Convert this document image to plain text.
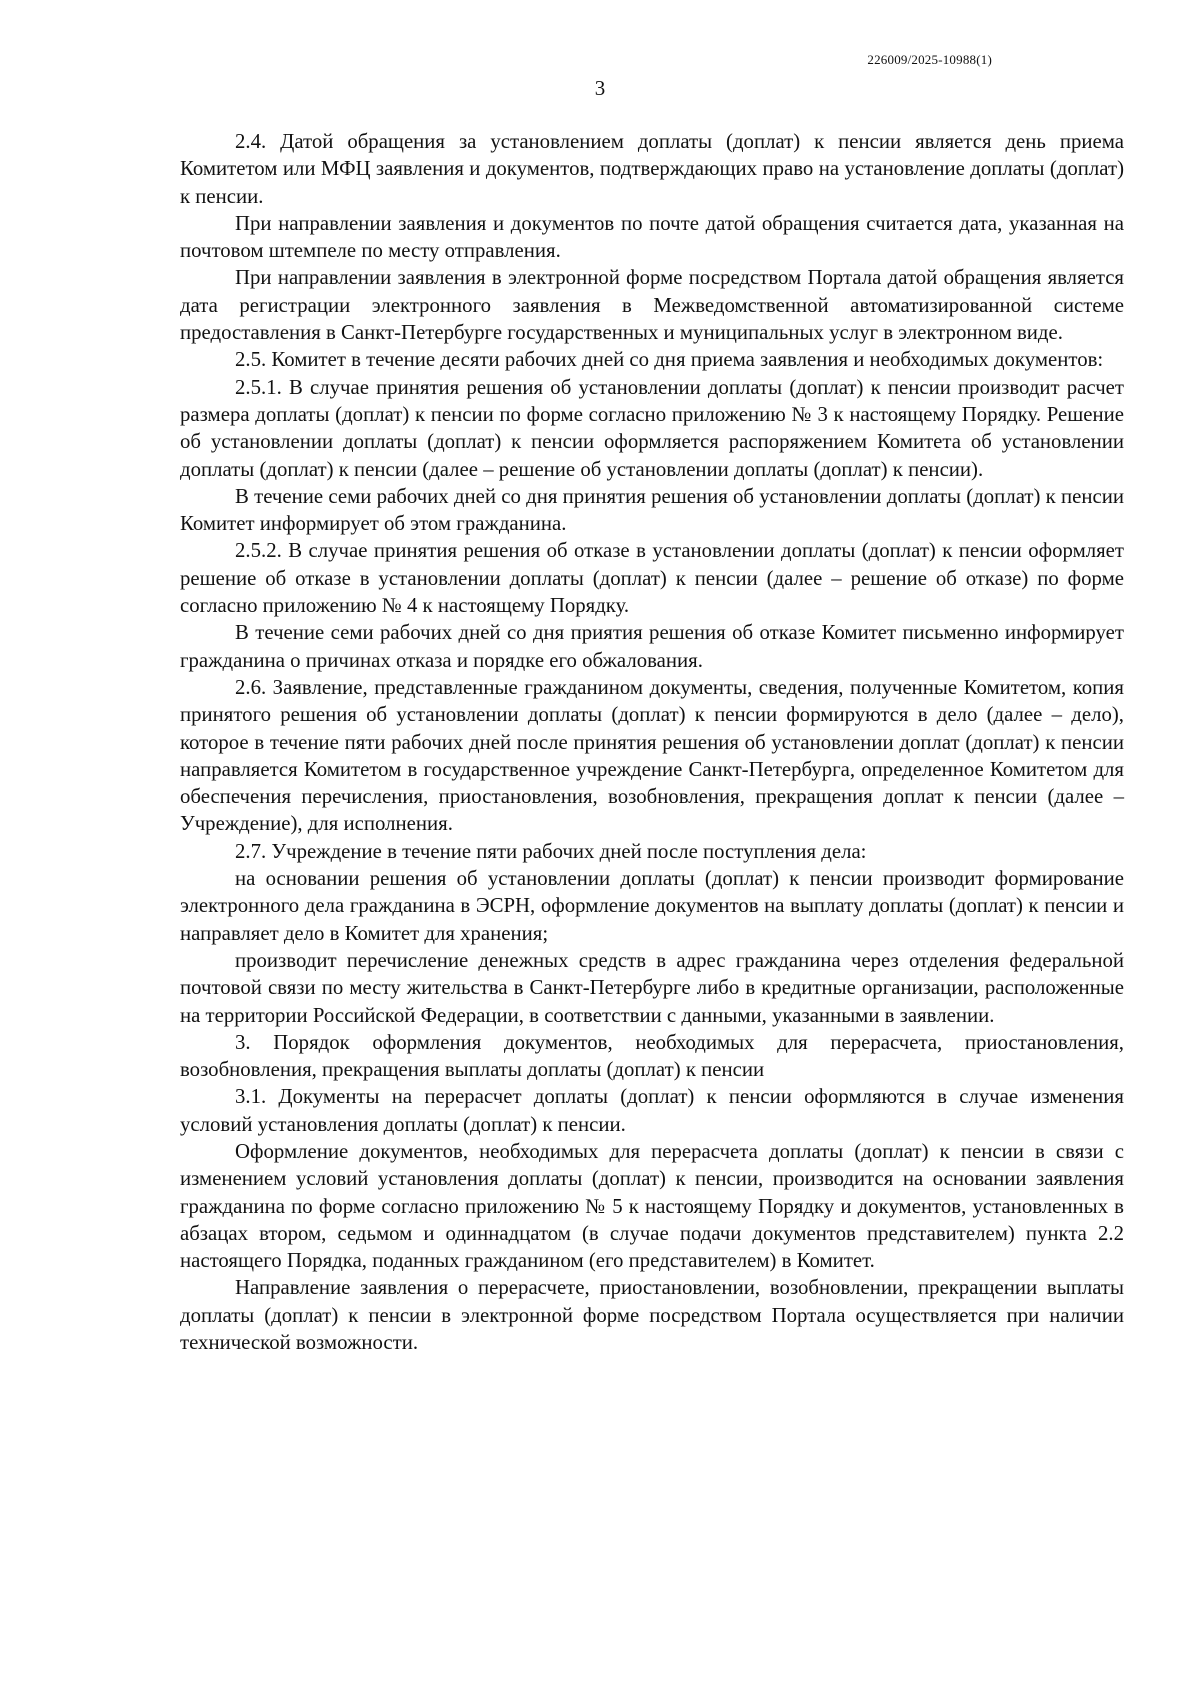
226009/2025-10988(1)
3

2.4. Датой обращения за установлением доплаты (доплат) к пенсии является день приема Комитетом или МФЦ заявления и документов, подтверждающих право на установление доплаты (доплат) к пенсии.

При направлении заявления и документов по почте датой обращения считается дата, указанная на почтовом штемпеле по месту отправления.

При направлении заявления в электронной форме посредством Портала датой обращения является дата регистрации электронного заявления в Межведомственной автоматизированной системе предоставления в Санкт-Петербурге государственных и муниципальных услуг в электронном виде.

2.5. Комитет в течение десяти рабочих дней со дня приема заявления и необходимых документов:

2.5.1. В случае принятия решения об установлении доплаты (доплат) к пенсии производит расчет размера доплаты (доплат) к пенсии по форме согласно приложению № 3 к настоящему Порядку. Решение об установлении доплаты (доплат) к пенсии оформляется распоряжением Комитета об установлении доплаты (доплат) к пенсии (далее – решение об установлении доплаты (доплат) к пенсии).

В течение семи рабочих дней со дня принятия решения об установлении доплаты (доплат) к пенсии Комитет информирует об этом гражданина.

2.5.2. В случае принятия решения об отказе в установлении доплаты (доплат) к пенсии оформляет решение об отказе в установлении доплаты (доплат) к пенсии (далее – решение об отказе) по форме согласно приложению № 4 к настоящему Порядку.

В течение семи рабочих дней со дня приятия решения об отказе Комитет письменно информирует гражданина о причинах отказа и порядке его обжалования.

2.6. Заявление, представленные гражданином документы, сведения, полученные Комитетом, копия принятого решения об установлении доплаты (доплат) к пенсии формируются в дело (далее – дело), которое в течение пяти рабочих дней после принятия решения об установлении доплат (доплат) к пенсии направляется Комитетом в государственное учреждение Санкт-Петербурга, определенное Комитетом для обеспечения перечисления, приостановления, возобновления, прекращения доплат к пенсии (далее – Учреждение), для исполнения.

2.7. Учреждение в течение пяти рабочих дней после поступления дела:

на основании решения об установлении доплаты (доплат) к пенсии производит формирование электронного дела гражданина в ЭСРН, оформление документов на выплату доплаты (доплат) к пенсии и направляет дело в Комитет для хранения;

производит перечисление денежных средств в адрес гражданина через отделения федеральной почтовой связи по месту жительства в Санкт-Петербурге либо в кредитные организации, расположенные на территории Российской Федерации, в соответствии с данными, указанными в заявлении.

3. Порядок оформления документов, необходимых для перерасчета, приостановления, возобновления, прекращения выплаты доплаты (доплат) к пенсии

3.1. Документы на перерасчет доплаты (доплат) к пенсии оформляются в случае изменения условий установления доплаты (доплат) к пенсии.

Оформление документов, необходимых для перерасчета доплаты (доплат) к пенсии в связи с изменением условий установления доплаты (доплат) к пенсии, производится на основании заявления гражданина по форме согласно приложению № 5 к настоящему Порядку и документов, установленных в абзацах втором, седьмом и одиннадцатом (в случае подачи документов представителем) пункта 2.2 настоящего Порядка, поданных гражданином (его представителем) в Комитет.

Направление заявления о перерасчете, приостановлении, возобновлении, прекращении выплаты доплаты (доплат) к пенсии в электронной форме посредством Портала осуществляется при наличии технической возможности.
